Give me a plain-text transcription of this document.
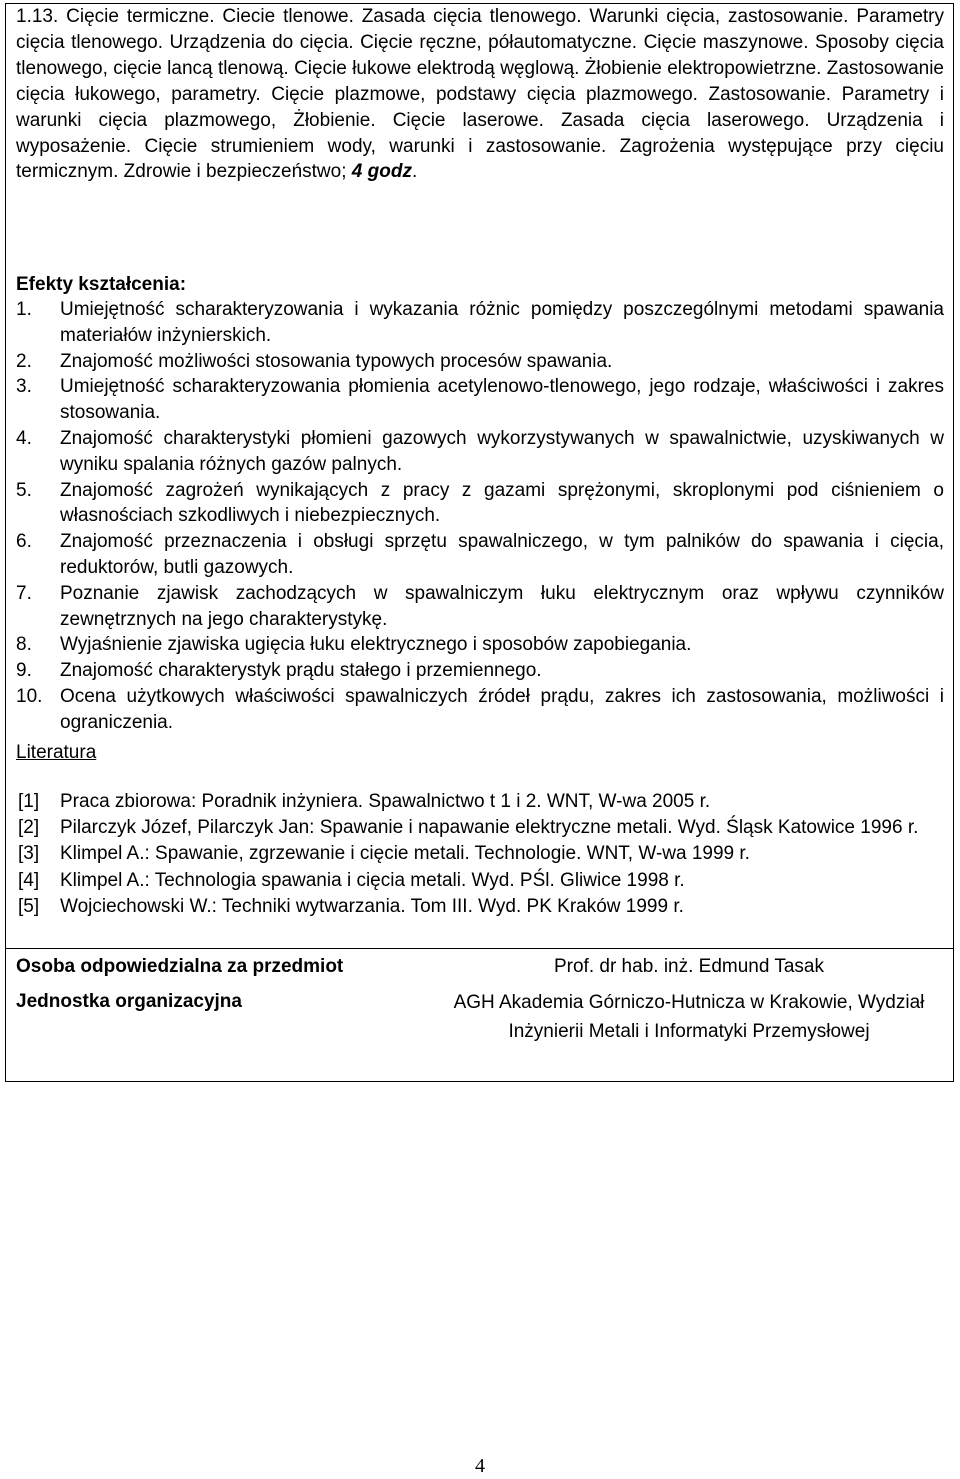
1.13. Cięcie termiczne. Ciecie tlenowe. Zasada cięcia tlenowego. Warunki cięcia, zastosowanie. Parametry cięcia tlenowego. Urządzenia do cięcia. Cięcie ręczne, półautomatyczne. Cięcie maszynowe. Sposoby cięcia tlenowego, cięcie lancą tlenową. Cięcie łukowe elektrodą węglową. Żłobienie elektropowietrzne. Zastosowanie cięcia łukowego, parametry. Cięcie plazmowe, podstawy cięcia plazmowego. Zastosowanie. Parametry i warunki cięcia plazmowego, Żłobienie. Cięcie laserowe. Zasada cięcia laserowego. Urządzenia i wyposażenie. Cięcie strumieniem wody, warunki i zastosowanie. Zagrożenia występujące przy cięciu termicznym. Zdrowie i bezpieczeństwo; 4 godz.

Efekty kształcenia:

1. Umiejętność scharakteryzowania i wykazania różnic pomiędzy poszczególnymi metodami spawania materiałów inżynierskich.
2. Znajomość możliwości stosowania typowych procesów spawania.
3. Umiejętność scharakteryzowania płomienia acetylenowo-tlenowego, jego rodzaje, właściwości i zakres stosowania.
4. Znajomość charakterystyki płomieni gazowych wykorzystywanych w spawalnictwie, uzyskiwanych w wyniku spalania różnych gazów palnych.
5. Znajomość zagrożeń wynikających z pracy z gazami sprężonymi, skroplonymi pod ciśnieniem o własnościach szkodliwych i niebezpiecznych.
6. Znajomość przeznaczenia i obsługi sprzętu spawalniczego, w tym palników do spawania i cięcia, reduktorów, butli gazowych.
7. Poznanie zjawisk zachodzących w spawalniczym łuku elektrycznym oraz wpływu czynników zewnętrznych na jego charakterystykę.
8. Wyjaśnienie zjawiska ugięcia łuku elektrycznego i sposobów zapobiegania.
9. Znajomość charakterystyk prądu stałego i przemiennego.
10. Ocena użytkowych właściwości spawalniczych źródeł prądu, zakres ich zastosowania, możliwości i ograniczenia.

Literatura

[1] Praca zbiorowa: Poradnik inżyniera. Spawalnictwo t 1 i 2. WNT, W-wa 2005 r.
[2] Pilarczyk Józef, Pilarczyk Jan: Spawanie i napawanie elektryczne metali. Wyd. Śląsk Katowice 1996 r.
[3] Klimpel A.: Spawanie, zgrzewanie i cięcie metali. Technologie. WNT, W-wa 1999 r.
[4] Klimpel A.: Technologia spawania i cięcia metali. Wyd. PŚl. Gliwice 1998 r.
[5] Wojciechowski W.: Techniki wytwarzania. Tom III. Wyd. PK Kraków 1999 r.
Osoba odpowiedzialna za przedmiot	Prof. dr hab. inż. Edmund Tasak
Jednostka organizacyjna	AGH Akademia Górniczo-Hutnicza w Krakowie, Wydział Inżynierii Metali i Informatyki Przemysłowej
4
